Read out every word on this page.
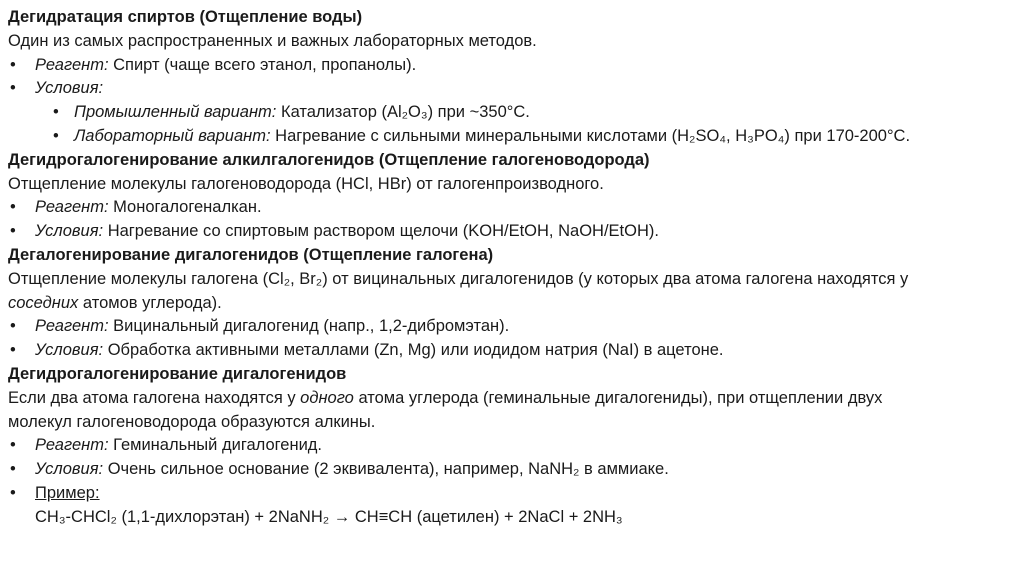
Дегидратация спиртов (Отщепление воды)
Один из самых распространенных и важных лабораторных методов.
• Реагент: Спирт (чаще всего этанол, пропанолы).
• Условия:
• Промышленный вариант: Катализатор (Al₂O₃) при ~350°C.
• Лабораторный вариант: Нагревание с сильными минеральными кислотами (H₂SO₄, H₃PO₄) при 170-200°C.
Дегидрогалогенирование алкилгалогенидов (Отщепление галогеноводорода)
Отщепление молекулы галогеноводорода (HCl, HBr) от галогенпроизводного.
• Реагент: Моногалогеналкан.
• Условия: Нагревание со спиртовым раствором щелочи (KOH/EtOH, NaOH/EtOH).
Дегалогенирование дигалогенидов (Отщепление галогена)
Отщепление молекулы галогена (Cl₂, Br₂) от вицинальных дигалогенидов (у которых два атома галогена находятся у
соседних атомов углерода).
• Реагент: Вицинальный дигалогенид (напр., 1,2-дибромэтан).
• Условия: Обработка активными металлами (Zn, Mg) или иодидом натрия (NaI) в ацетоне.
Дегидрогалогенирование дигалогенидов
Если два атома галогена находятся у одного атома углерода (геминальные дигалогениды), при отщеплении двух
молекул галогеноводорода образуются алкины.
• Реагент: Геминальный дигалогенид.
• Условия: Очень сильное основание (2 эквивалента), например, NaNH₂ в аммиаке.
• Пример:
CH₃-CHCl₂ (1,1-дихлорэтан) + 2NaNH₂ → CH≡CH (ацетилен) + 2NaCl + 2NH₃
